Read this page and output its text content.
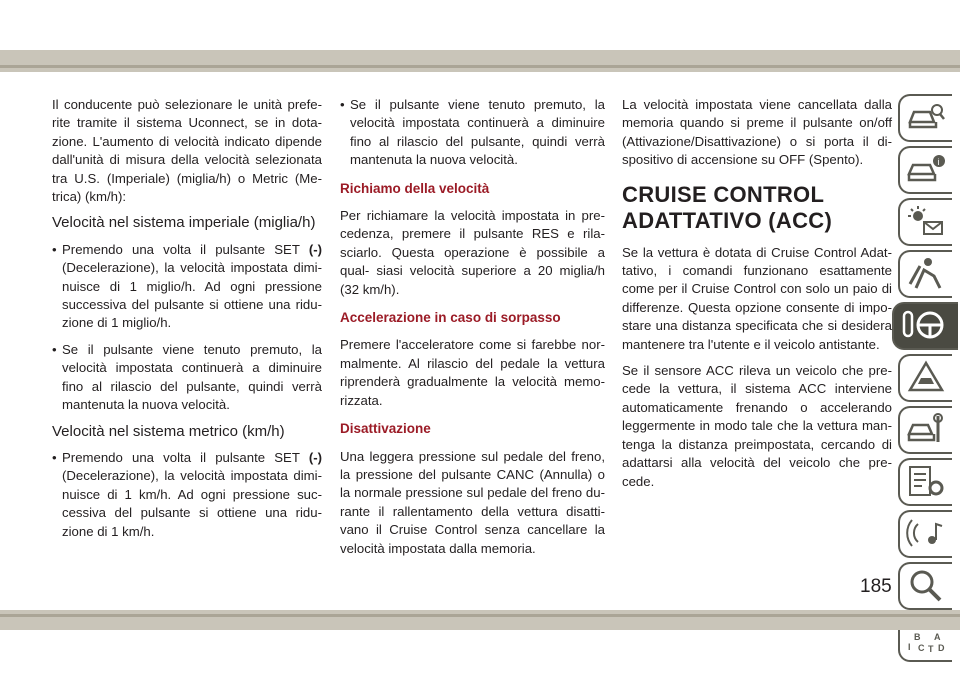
Il conducente può selezionare le unità prefe- rite tramite il sistema Uconnect, se in dota- zione. L'aumento di velocità indicato dipende dall'unità di misura della velocità selezionata tra U.S. (Imperiale) (miglia/h) o Metric (Me- trica) (km/h):

Velocità nel sistema imperiale (miglia/h)
• Premendo una volta il pulsante SET (-) (Decelerazione), la velocità impostata dimi- nuisce di 1 miglio/h. Ad ogni pressione successiva del pulsante si ottiene una ridu- zione di 1 miglio/h.
• Se il pulsante viene tenuto premuto, la velocità impostata continuerà a diminuire fino al rilascio del pulsante, quindi verrà mantenuta la nuova velocità.
Velocità nel sistema metrico (km/h)
• Premendo una volta il pulsante SET (-) (Decelerazione), la velocità impostata dimi- nuisce di 1 km/h. Ad ogni pressione suc- cessiva del pulsante si ottiene una ridu- zione di 1 km/h.
• Se il pulsante viene tenuto premuto, la velocità impostata continuerà a diminuire fino al rilascio del pulsante, quindi verrà mantenuta la nuova velocità.
Richiamo della velocità

Per richiamare la velocità impostata in pre- cedenza, premere il pulsante RES e rila- sciarlo. Questa operazione è possibile a qual- siasi velocità superiore a 20 miglia/h (32 km/h).

Accelerazione in caso di sorpasso

Premere l'acceleratore come si farebbe nor- malmente. Al rilascio del pedale la vettura riprenderà gradualmente la velocità memo- rizzata.

Disattivazione

Una leggera pressione sul pedale del freno, la pressione del pulsante CANC (Annulla) o la normale pressione sul pedale del freno du- rante il rallentamento della vettura disatti- vano il Cruise Control senza cancellare la velocità impostata dalla memoria.

La velocità impostata viene cancellata dalla memoria quando si preme il pulsante on/off (Attivazione/Disattivazione) o si porta il di- spositivo di accensione su OFF (Spento).

CRUISE CONTROL
ADATTATIVO (ACC)

Se la vettura è dotata di Cruise Control Adat- tativo, i comandi funzionano esattamente come per il Cruise Control con solo un paio di differenze. Questa opzione consente di impo- stare una distanza specificata che si desidera mantenere tra l'utente e il veicolo antistante.

Se il sensore ACC rileva un veicolo che pre- cede la vettura, il sistema ACC interviene automaticamente frenando o accelerando leggermente in modo tale che la vettura man- tenga la distanza preimpostata, cercando di adattarsi alla velocità del veicolo che pre- cede.

i
B A
I C T D
185
